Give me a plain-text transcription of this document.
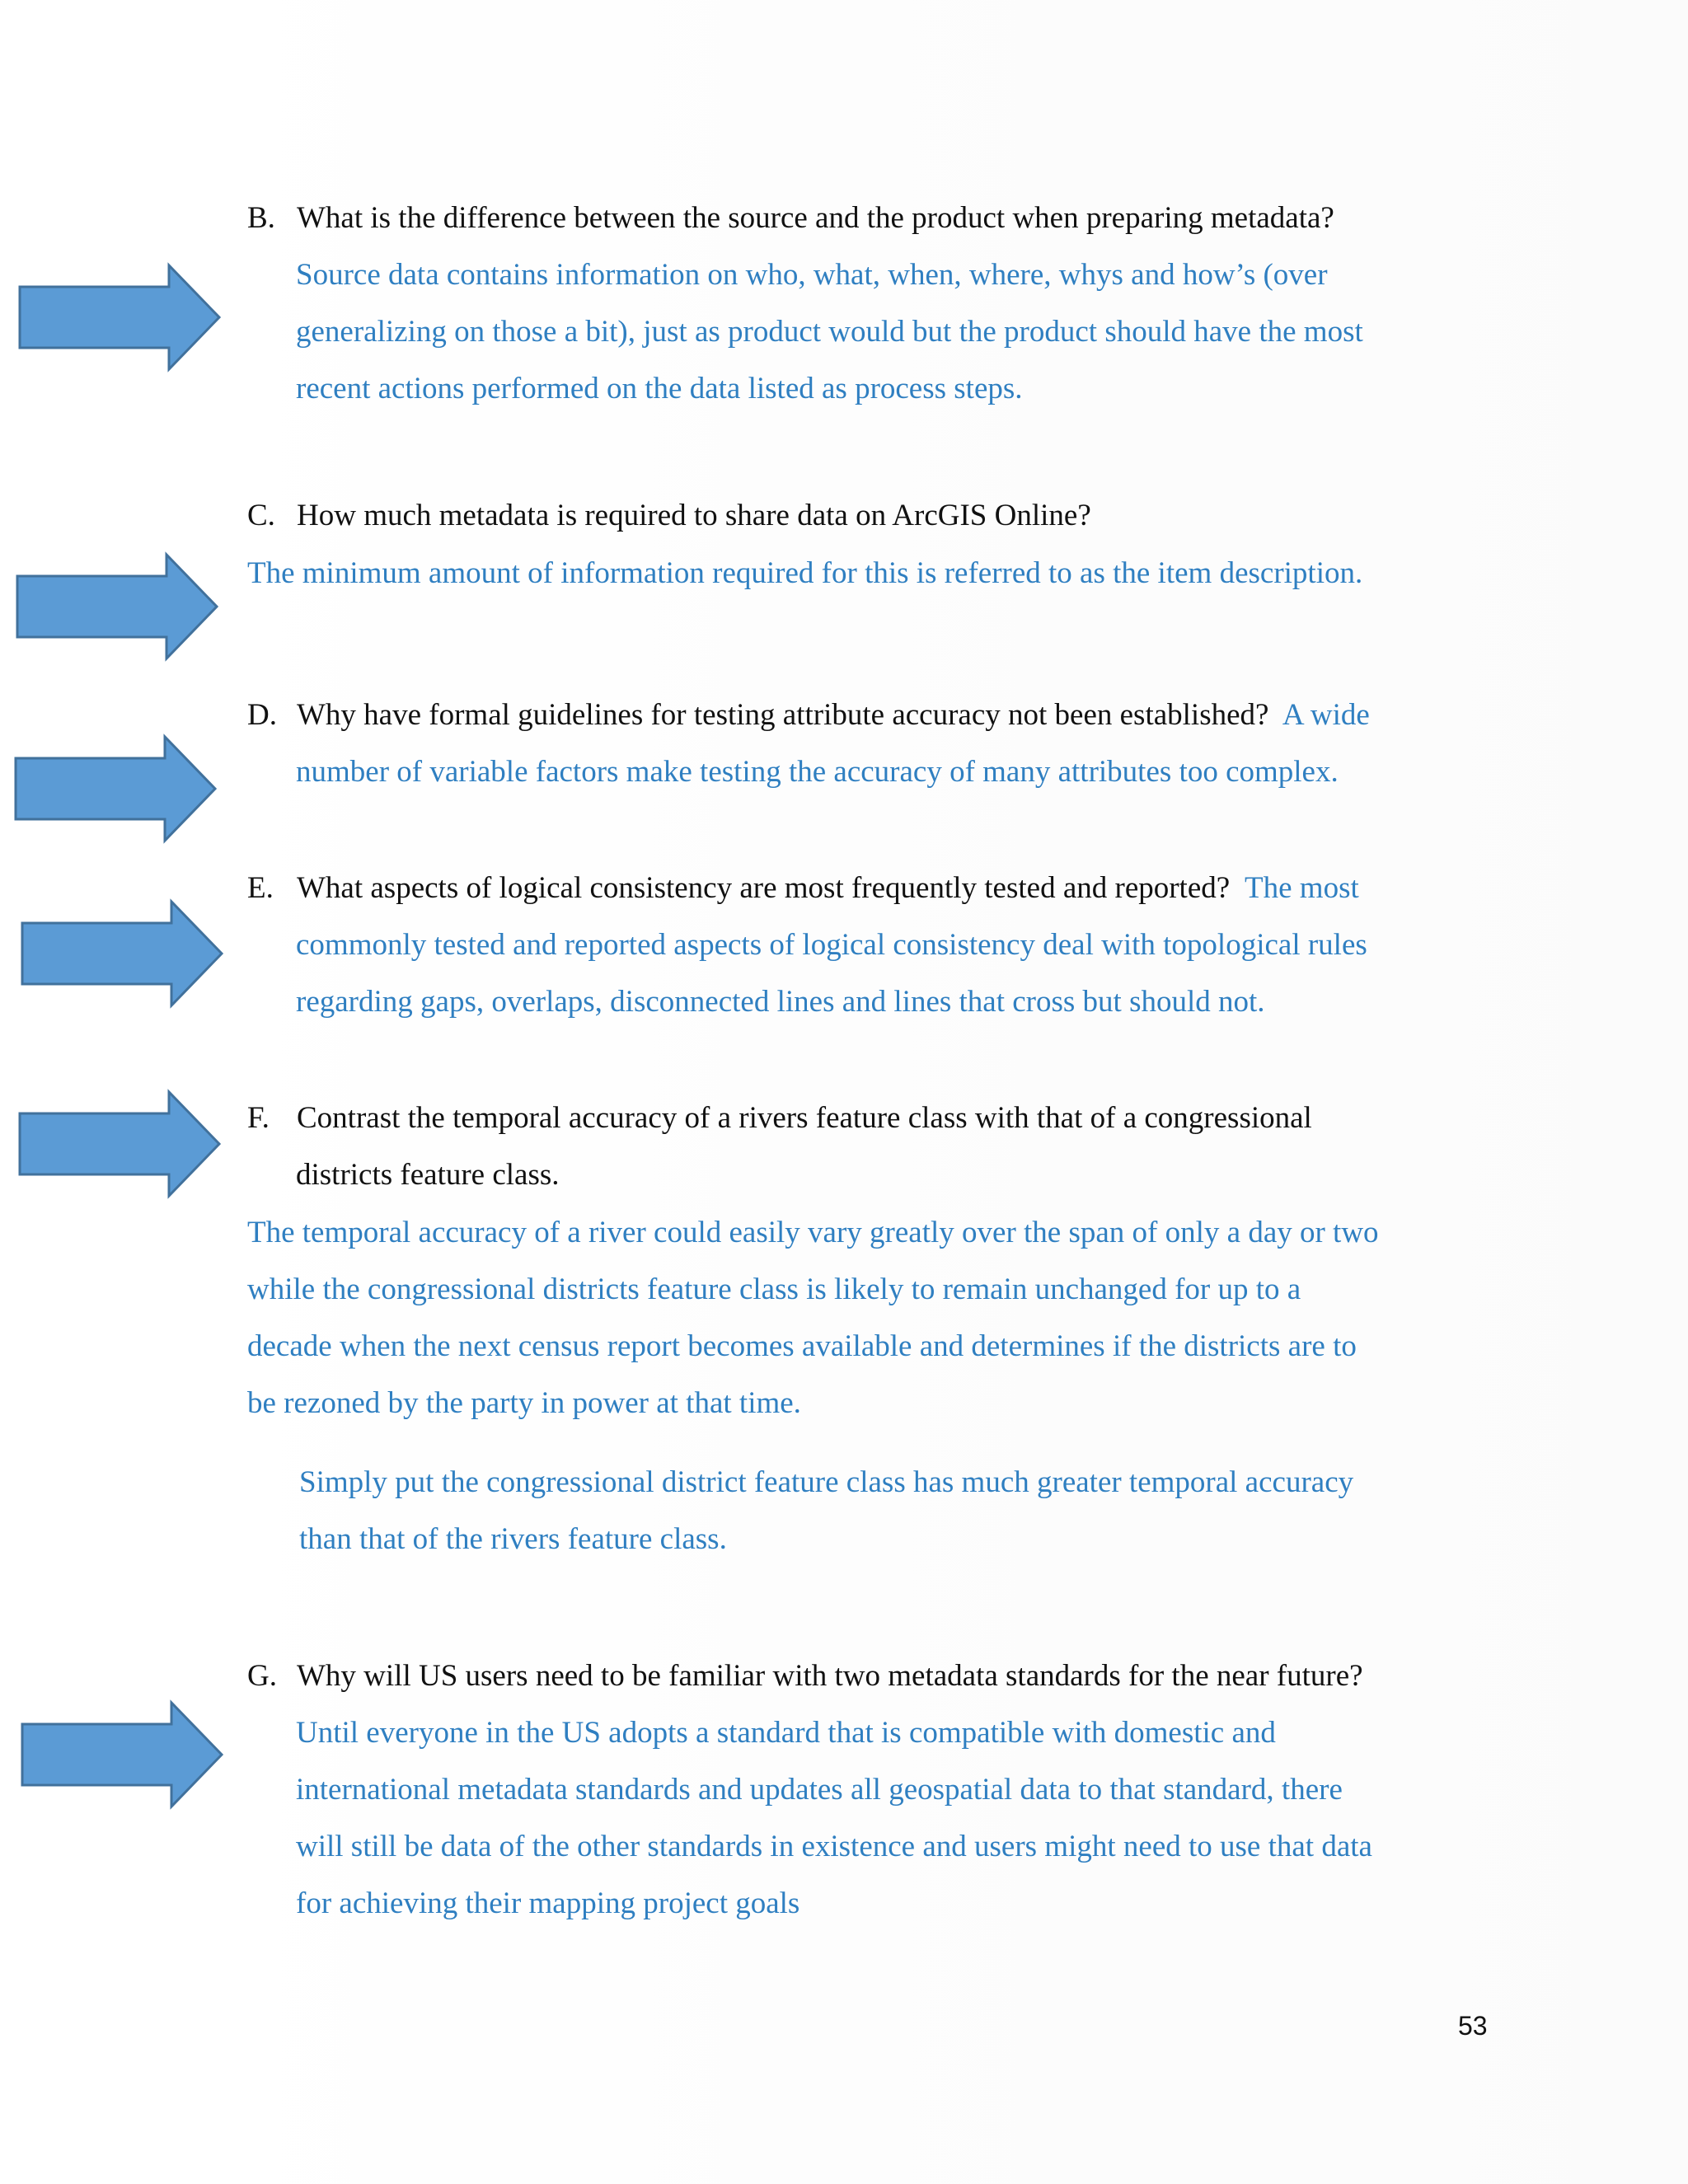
B. What is the difference between the source and the product when preparing metadata?
Source data contains information on who, what, when, where, whys and how’s (over
generalizing on those a bit), just as product would but the product should have the most
recent actions performed on the data listed as process steps.
C. How much metadata is required to share data on ArcGIS Online?
The minimum amount of information required for this is referred to as the item description.
D. Why have formal guidelines for testing attribute accuracy not been established? A wide
number of variable factors make testing the accuracy of many attributes too complex.
E. What aspects of logical consistency are most frequently tested and reported? The most
commonly tested and reported aspects of logical consistency deal with topological rules
regarding gaps, overlaps, disconnected lines and lines that cross but should not.
F. Contrast the temporal accuracy of a rivers feature class with that of a congressional
districts feature class.
The temporal accuracy of a river could easily vary greatly over the span of only a day or two
while the congressional districts feature class is likely to remain unchanged for up to a
decade when the next census report becomes available and determines if the districts are to
be rezoned by the party in power at that time.
Simply put the congressional district feature class has much greater temporal accuracy
than that of the rivers feature class.
G. Why will US users need to be familiar with two metadata standards for the near future?
Until everyone in the US adopts a standard that is compatible with domestic and
international metadata standards and updates all geospatial data to that standard, there
will still be data of the other standards in existence and users might need to use that data
for achieving their mapping project goals
53
